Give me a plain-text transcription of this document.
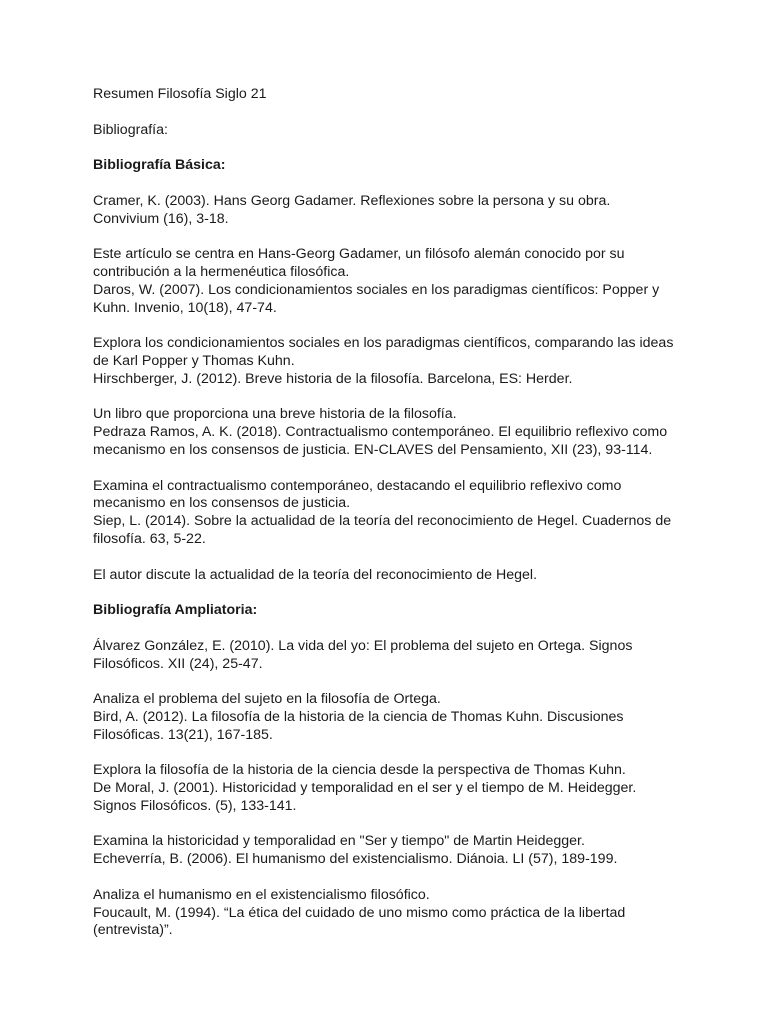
Resumen Filosofía Siglo 21

Bibliografía:

Bibliografía Básica:

Cramer, K. (2003). Hans Georg Gadamer. Reflexiones sobre la persona y su obra.
Convivium (16), 3-18.

Este artículo se centra en Hans-Georg Gadamer, un filósofo alemán conocido por su
contribución a la hermenéutica filosófica.
Daros, W. (2007). Los condicionamientos sociales en los paradigmas científicos: Popper y
Kuhn. Invenio, 10(18), 47-74.

Explora los condicionamientos sociales en los paradigmas científicos, comparando las ideas
de Karl Popper y Thomas Kuhn.
Hirschberger, J. (2012). Breve historia de la filosofía. Barcelona, ES: Herder.

Un libro que proporciona una breve historia de la filosofía.
Pedraza Ramos, A. K. (2018). Contractualismo contemporáneo. El equilibrio reflexivo como
mecanismo en los consensos de justicia. EN-CLAVES del Pensamiento, XII (23), 93-114.

Examina el contractualismo contemporáneo, destacando el equilibrio reflexivo como
mecanismo en los consensos de justicia.
Siep, L. (2014). Sobre la actualidad de la teoría del reconocimiento de Hegel. Cuadernos de
filosofía. 63, 5-22.

El autor discute la actualidad de la teoría del reconocimiento de Hegel.

Bibliografía Ampliatoria:

Álvarez González, E. (2010). La vida del yo: El problema del sujeto en Ortega. Signos
Filosóficos. XII (24), 25-47.

Analiza el problema del sujeto en la filosofía de Ortega.
Bird, A. (2012). La filosofía de la historia de la ciencia de Thomas Kuhn. Discusiones
Filosóficas. 13(21), 167-185.

Explora la filosofía de la historia de la ciencia desde la perspectiva de Thomas Kuhn.
De Moral, J. (2001). Historicidad y temporalidad en el ser y el tiempo de M. Heidegger.
Signos Filosóficos. (5), 133-141.

Examina la historicidad y temporalidad en "Ser y tiempo" de Martin Heidegger.
Echeverría, B. (2006). El humanismo del existencialismo. Diánoia. LI (57), 189-199.

Analiza el humanismo en el existencialismo filosófico.
Foucault, M. (1994). “La ética del cuidado de uno mismo como práctica de la libertad
(entrevista)”.
